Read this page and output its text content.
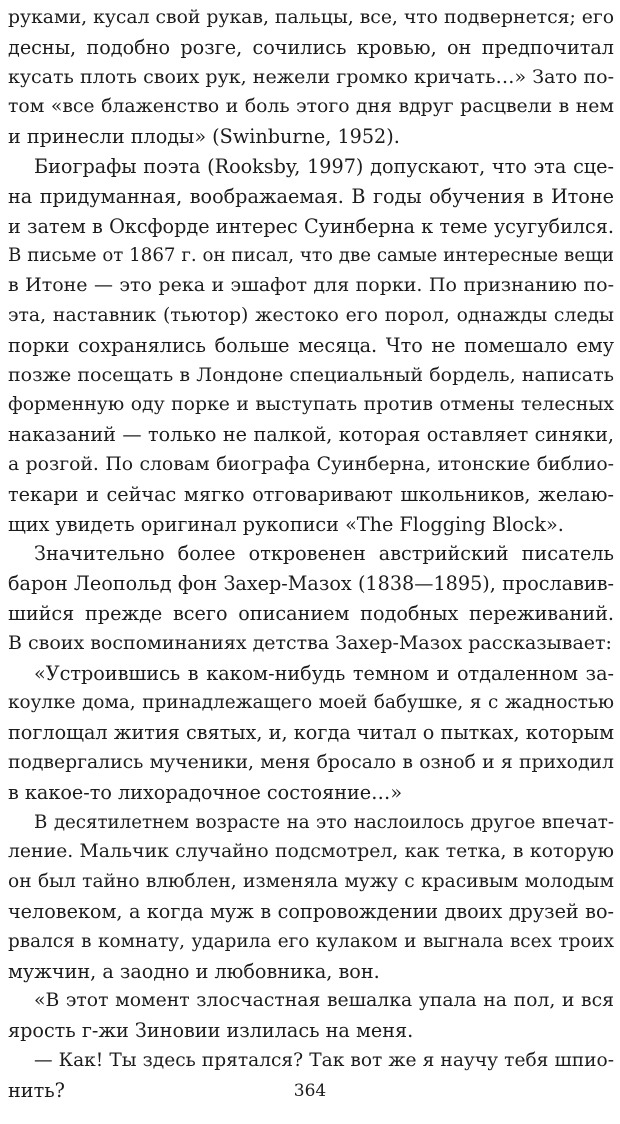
руками, кусал свой рукав, пальцы, все, что подвернется; его
десны, подобно розге, сочились кровью, он предпочитал
кусать плоть своих рук, нежели громко кричать…» Зато по-
том «все блаженство и боль этого дня вдруг расцвели в нем
и принесли плоды» (Swinburne, 1952).
Биографы поэта (Rooksby, 1997) допускают, что эта сце-
на придуманная, воображаемая. В годы обучения в Итоне
и затем в Оксфорде интерес Суинберна к теме усугубился.
В письме от 1867 г. он писал, что две самые интересные вещи
в Итоне — это река и эшафот для порки. По признанию по-
эта, наставник (тьютор) жестоко его порол, однажды следы
порки сохранялись больше месяца. Что не помешало ему
позже посещать в Лондоне специальный бордель, написать
форменную оду порке и выступать против отмены телесных
наказаний — только не палкой, которая оставляет синяки,
а розгой. По словам биографа Суинберна, итонские библио-
текари и сейчас мягко отговаривают школьников, желаю-
щих увидеть оригинал рукописи «The Flogging Block».
Значительно более откровенен австрийский писатель
барон Леопольд фон Захер-Мазох (1838—1895), прославив-
шийся прежде всего описанием подобных переживаний.
В своих воспоминаниях детства Захер-Мазох рассказывает:
«Устроившись в каком-нибудь темном и отдаленном за-
коулке дома, принадлежащего моей бабушке, я с жадностью
поглощал жития святых, и, когда читал о пытках, которым
подвергались мученики, меня бросало в озноб и я приходил
в какое-то лихорадочное состояние…»
В десятилетнем возрасте на это наслоилось другое впечат-
ление. Мальчик случайно подсмотрел, как тетка, в которую
он был тайно влюблен, изменяла мужу с красивым молодым
человеком, а когда муж в сопровождении двоих друзей во-
рвался в комнату, ударила его кулаком и выгнала всех троих
мужчин, а заодно и любовника, вон.
«В этот момент злосчастная вешалка упала на пол, и вся
ярость г-жи Зиновии излилась на меня.
— Как! Ты здесь прятался? Так вот же я научу тебя шпио-
нить?	364
